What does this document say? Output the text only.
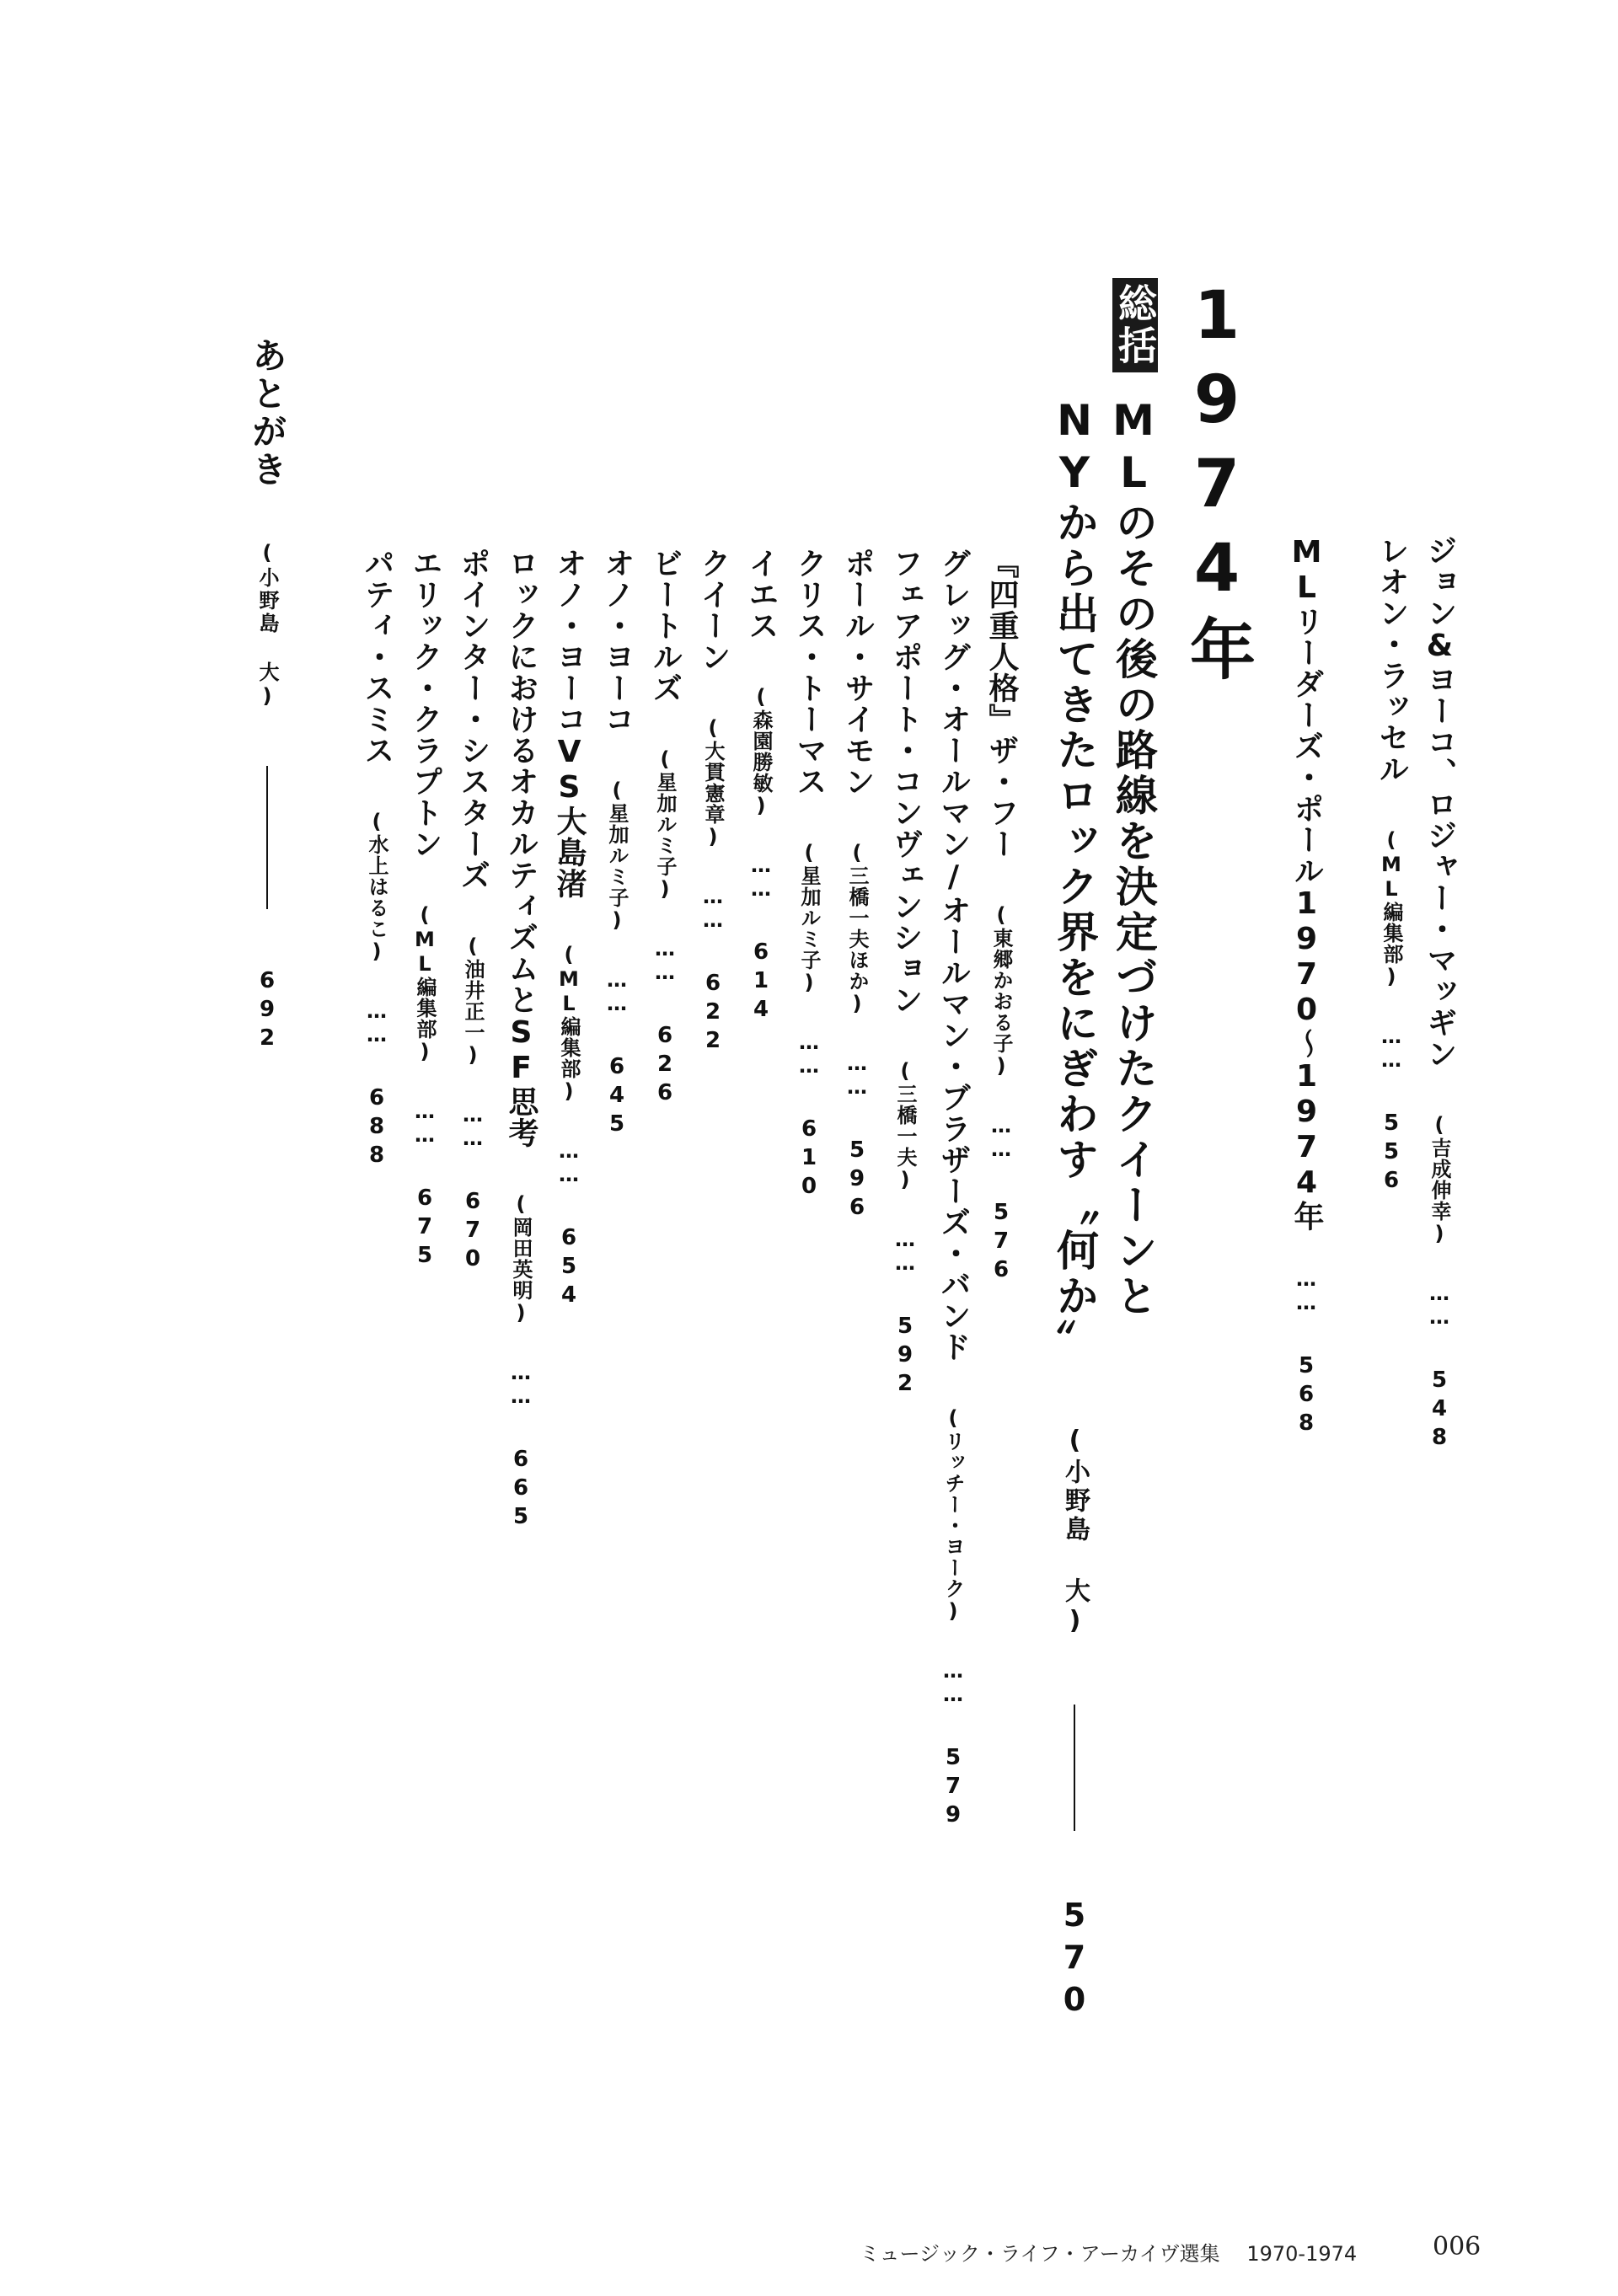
ジョン&ヨーコ、ロジャー・マッギン (吉成伸幸) …… 548
レオン・ラッセル (ML編集部) …… 556
MLリーダーズ・ポール1970〜1974年 …… 568
1974年
総括
MLのその後の路線を決定づけたクイーンと
NYから出てきたロック界をにぎわす〝何か〟 (小野島 大)  570
『四重人格』ザ・フー (東郷かおる子) …… 576
グレッグ・オールマン/オールマン・ブラザーズ・バンド (リッチー・ヨーク) …… 579
フェアポート・コンヴェンション (三橋一夫) …… 592
ポール・サイモン (三橋一夫ほか) …… 596
クリス・トーマス (星加ルミ子) …… 610
イエス (森園勝敏) …… 614
クイーン (大貫憲章) …… 622
ビートルズ (星加ルミ子) …… 626
オノ・ヨーコ (星加ルミ子) …… 645
オノ・ヨーコVS大島渚 (ML編集部) …… 654
ロックにおけるオカルティズムとSF思考 (岡田英明) …… 665
ポインター・シスターズ (油井正一) …… 670
エリック・クラプトン (ML編集部) …… 675
パティ・スミス (水上はるこ) …… 688
あとがき (小野島 大)  692
ミュージック・ライフ・アーカイヴ選集 1970-1974	006
